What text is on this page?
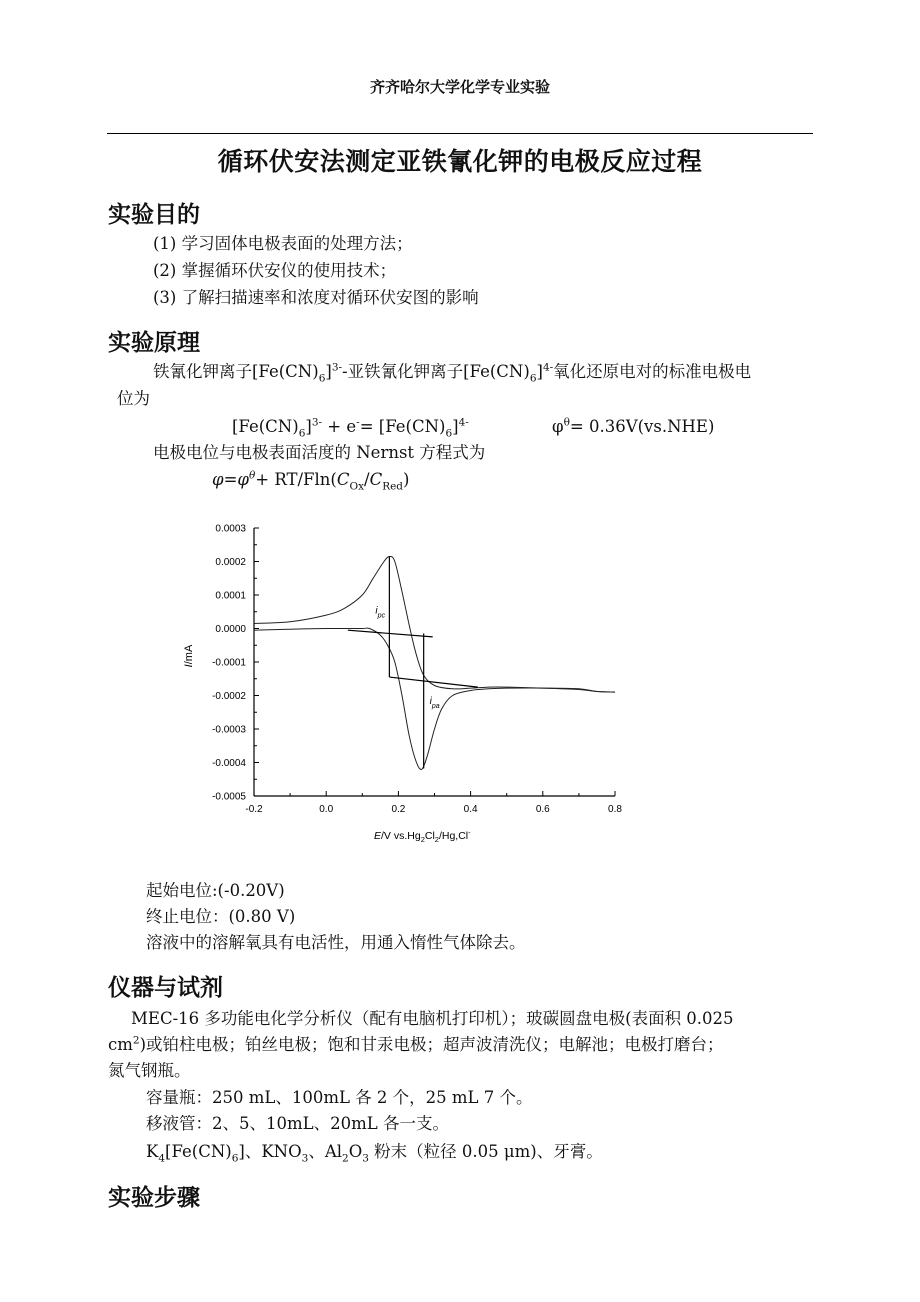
齐齐哈尔大学化学专业实验
循环伏安法测定亚铁氰化钾的电极反应过程
实验目的
(1) 学习固体电极表面的处理方法；
(2) 掌握循环伏安仪的使用技术；
(3) 了解扫描速率和浓度对循环伏安图的影响
实验原理
铁氰化钾离子$[Fe(CN)_6]^{3-}-$亚铁氰化钾离子$[Fe(CN)_6]^{4-}$氧化还原电对的标准电极电
位为
$[Fe(CN)_6]^{3-} + e^-= [Fe(CN)_6]^{4-}$	$\varphi^\theta= 0.36V(vs.NHE)$
电极电位与电极表面活度的 Nernst 方程式为
$\varphi=\varphi^\theta+ RT/Fln(C_{Ox}/C_{Red})$
0.0003
0.0002
0.0001
0.0000
-0.0001
-0.0002
-0.0003
-0.0004
-0.0005
-0.2	0.0	0.2	0.4	0.6	0.8
$i_{pc}$
$i_{pa}$
I/mA
E/V $vs.Hg_2Cl_2/Hg,Cl^-$
起始电位:(-0.20V)
终止电位：(0.80 V)
溶液中的溶解氧具有电活性，用通入惰性气体除去。
仪器与试剂
MEC-16 多功能电化学分析仪（配有电脑机打印机）；玻碳圆盘电极(表面积 0.025
$cm^2$)或铂柱电极；铂丝电极；饱和甘汞电极；超声波清洗仪；电解池；电极打磨台；
氮气钢瓶。
容量瓶：250 mL、100mL 各 2 个，25 mL 7 个。
移液管：2、5、10mL、20mL 各一支。
$K_4[Fe(CN)_6]$、$KNO_3$、$Al_2O_3$ 粉末（粒径 0.05 μm)、牙膏。
实验步骤
